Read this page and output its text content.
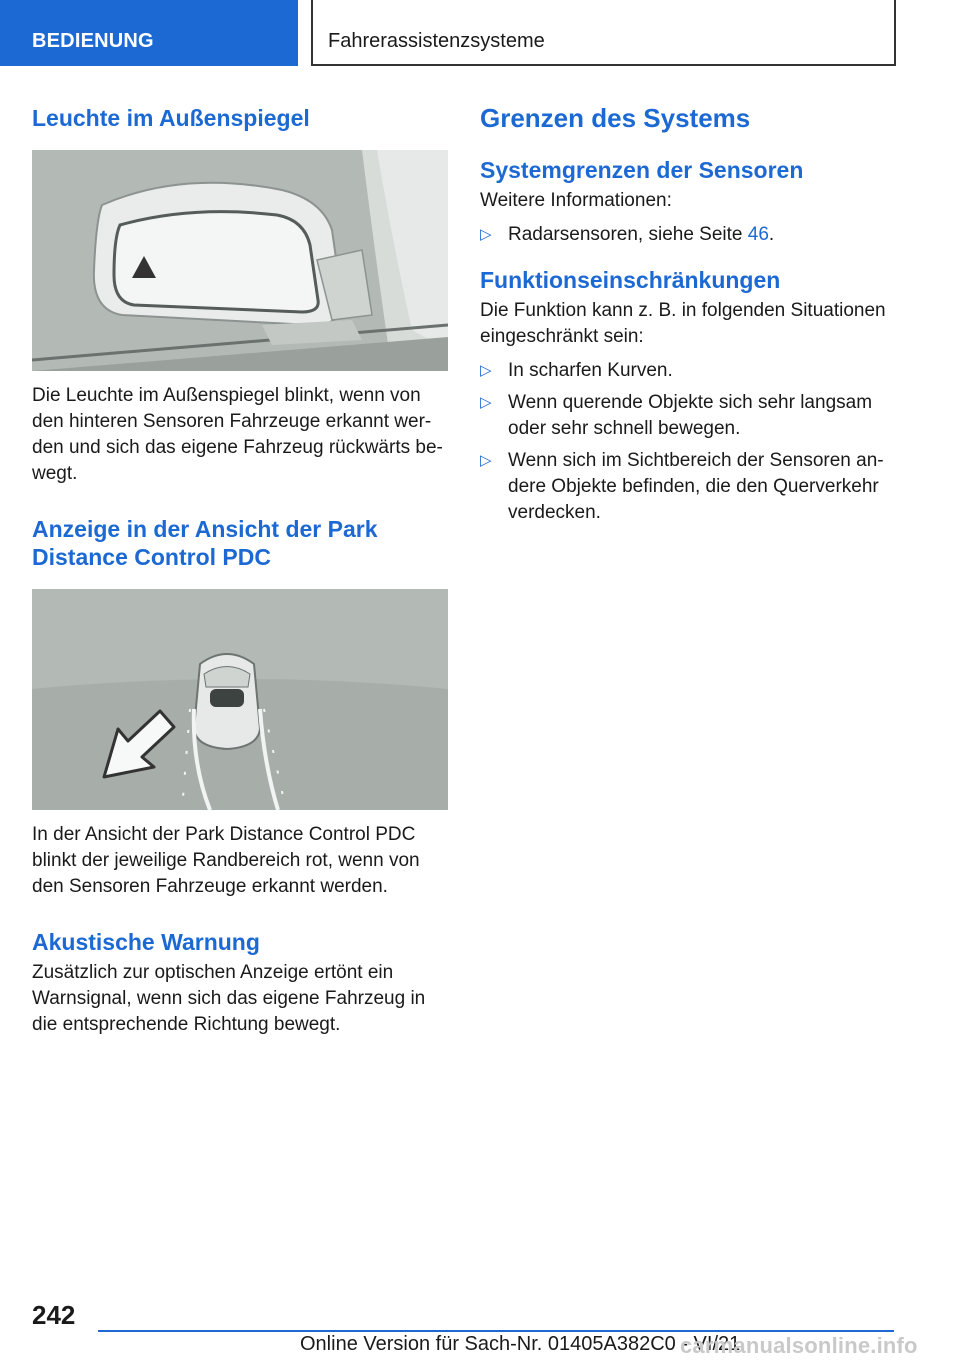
BEDIENUNG	Fahrerassistenzsysteme
Leuchte im Außenspiegel

Die Leuchte im Außenspiegel blinkt, wenn von den hinteren Sensoren Fahrzeuge erkannt werden und sich das eigene Fahrzeug rückwärts bewegt.

Anzeige in der Ansicht der Park Distance Control PDC

In der Ansicht der Park Distance Control PDC blinkt der jeweilige Randbereich rot, wenn von den Sensoren Fahrzeuge erkannt werden.

Akustische Warnung

Zusätzlich zur optischen Anzeige ertönt ein Warnsignal, wenn sich das eigene Fahrzeug in die entsprechende Richtung bewegt.

Grenzen des Systems
Systemgrenzen der Sensoren

Weitere Informationen:

▷ Radarsensoren, siehe Seite 46.
Funktionseinschränkungen

Die Funktion kann z. B. in folgenden Situationen eingeschränkt sein:

▷ In scharfen Kurven.
▷ Wenn querende Objekte sich sehr langsam oder sehr schnell bewegen.
▷ Wenn sich im Sichtbereich der Sensoren andere Objekte befinden, die den Querverkehr verdecken.
242
Online Version für Sach-Nr. 01405A382C0 - VI/21
carmanualsonline.info
